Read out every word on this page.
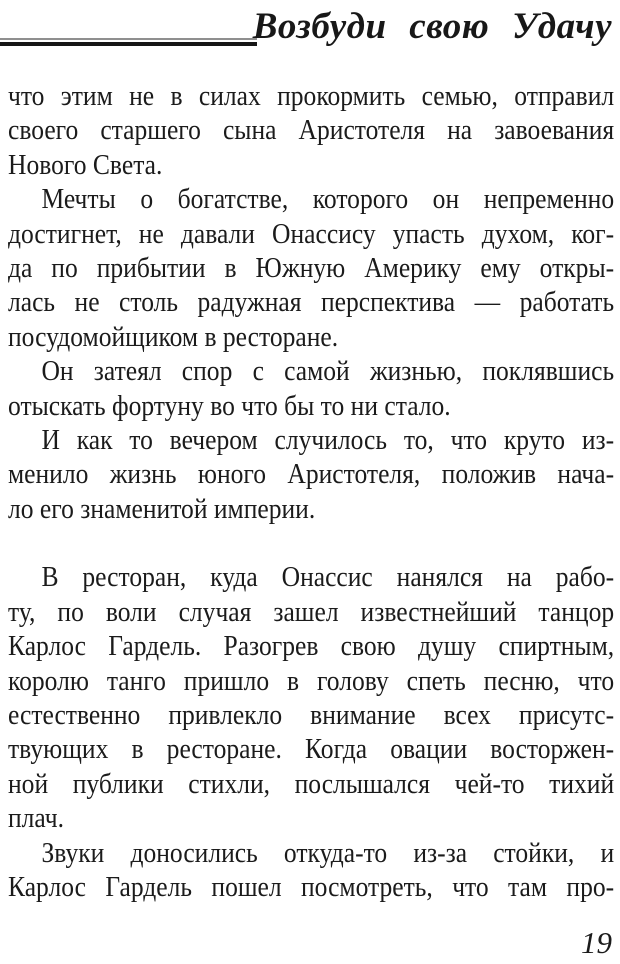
Возбуди свою Удачу
что этим не в силах прокормить семью, отправил
своего старшего сына Аристотеля на завоевания
Нового Света.
Мечты о богатстве, которого он непременно
достигнет, не давали Онассису упасть духом, ког-
да по прибытии в Южную Америку ему откры-
лась не столь радужная перспектива — работать
посудомойщиком в ресторане.
Он затеял спор с самой жизнью, поклявшись
отыскать фортуну во что бы то ни стало.
И как то вечером случилось то, что круто из-
менило жизнь юного Аристотеля, положив нача-
ло его знаменитой империи.
В ресторан, куда Онассис нанялся на рабо-
ту, по воли случая зашел известнейший танцор
Карлос Гардель. Разогрев свою душу спиртным,
королю танго пришло в голову спеть песню, что
естественно привлекло внимание всех присутс-
твующих в ресторане. Когда овации восторжен-
ной публики стихли, послышался чей-то тихий
плач.
Звуки доносились откуда-то из-за стойки, и
Карлос Гардель пошел посмотреть, что там про-
19
